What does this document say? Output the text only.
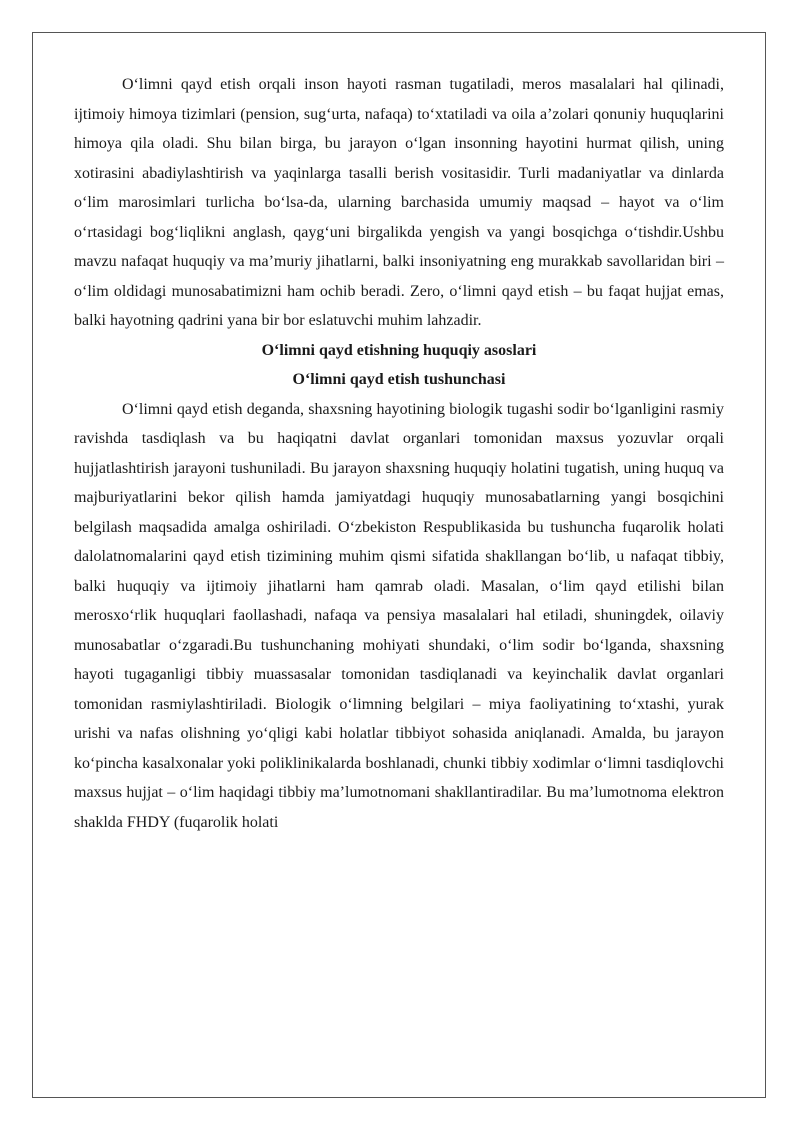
O‘limni qayd etish orqali inson hayoti rasman tugatiladi, meros masalalari hal qilinadi, ijtimoiy himoya tizimlari (pension, sug‘urta, nafaqa) to‘xtatiladi va oila a’zolari qonuniy huquqlarini himoya qila oladi. Shu bilan birga, bu jarayon o‘lgan insonning hayotini hurmat qilish, uning xotirasini abadiylashtirish va yaqinlarga tasalli berish vositasidir. Turli madaniyatlar va dinlarda o‘lim marosimlari turlicha bo‘lsa-da, ularning barchasida umumiy maqsad – hayot va o‘lim o‘rtasidagi bog‘liqlikni anglash, qayg‘uni birgalikda yengish va yangi bosqichga o‘tishdir.Ushbu mavzu nafaqat huquqiy va ma’muriy jihatlarni, balki insoniyatning eng murakkab savollaridan biri – o‘lim oldidagi munosabatimizni ham ochib beradi. Zero, o‘limni qayd etish – bu faqat hujjat emas, balki hayotning qadrini yana bir bor eslatuvchi muhim lahzadir.

O‘limni qayd etishning huquqiy asoslari
O‘limni qayd etish tushunchasi

O‘limni qayd etish deganda, shaxsning hayotining biologik tugashi sodir bo‘lganligini rasmiy ravishda tasdiqlash va bu haqiqatni davlat organlari tomonidan maxsus yozuvlar orqali hujjatlashtirish jarayoni tushuniladi. Bu jarayon shaxsning huquqiy holatini tugatish, uning huquq va majburiyatlarini bekor qilish hamda jamiyatdagi huquqiy munosabatlarning yangi bosqichini belgilash maqsadida amalga oshiriladi. O‘zbekiston Respublikasida bu tushuncha fuqarolik holati dalolatnomalarini qayd etish tizimining muhim qismi sifatida shakllangan bo‘lib, u nafaqat tibbiy, balki huquqiy va ijtimoiy jihatlarni ham qamrab oladi. Masalan, o‘lim qayd etilishi bilan merosxo‘rlik huquqlari faollashadi, nafaqa va pensiya masalalari hal etiladi, shuningdek, oilaviy munosabatlar o‘zgaradi.Bu tushunchaning mohiyati shundaki, o‘lim sodir bo‘lganda, shaxsning hayoti tugaganligi tibbiy muassasalar tomonidan tasdiqlanadi va keyinchalik davlat organlari tomonidan rasmiylashtiriladi. Biologik o‘limning belgilari – miya faoliyatining to‘xtashi, yurak urishi va nafas olishning yo‘qligi kabi holatlar tibbiyot sohasida aniqlanadi. Amalda, bu jarayon ko‘pincha kasalxonalar yoki poliklinikalarda boshlanadi, chunki tibbiy xodimlar o‘limni tasdiqlovchi maxsus hujjat – o‘lim haqidagi tibbiy ma’lumotnomani shakllantiradilar. Bu ma’lumotnoma elektron shaklda FHDY (fuqarolik holati
